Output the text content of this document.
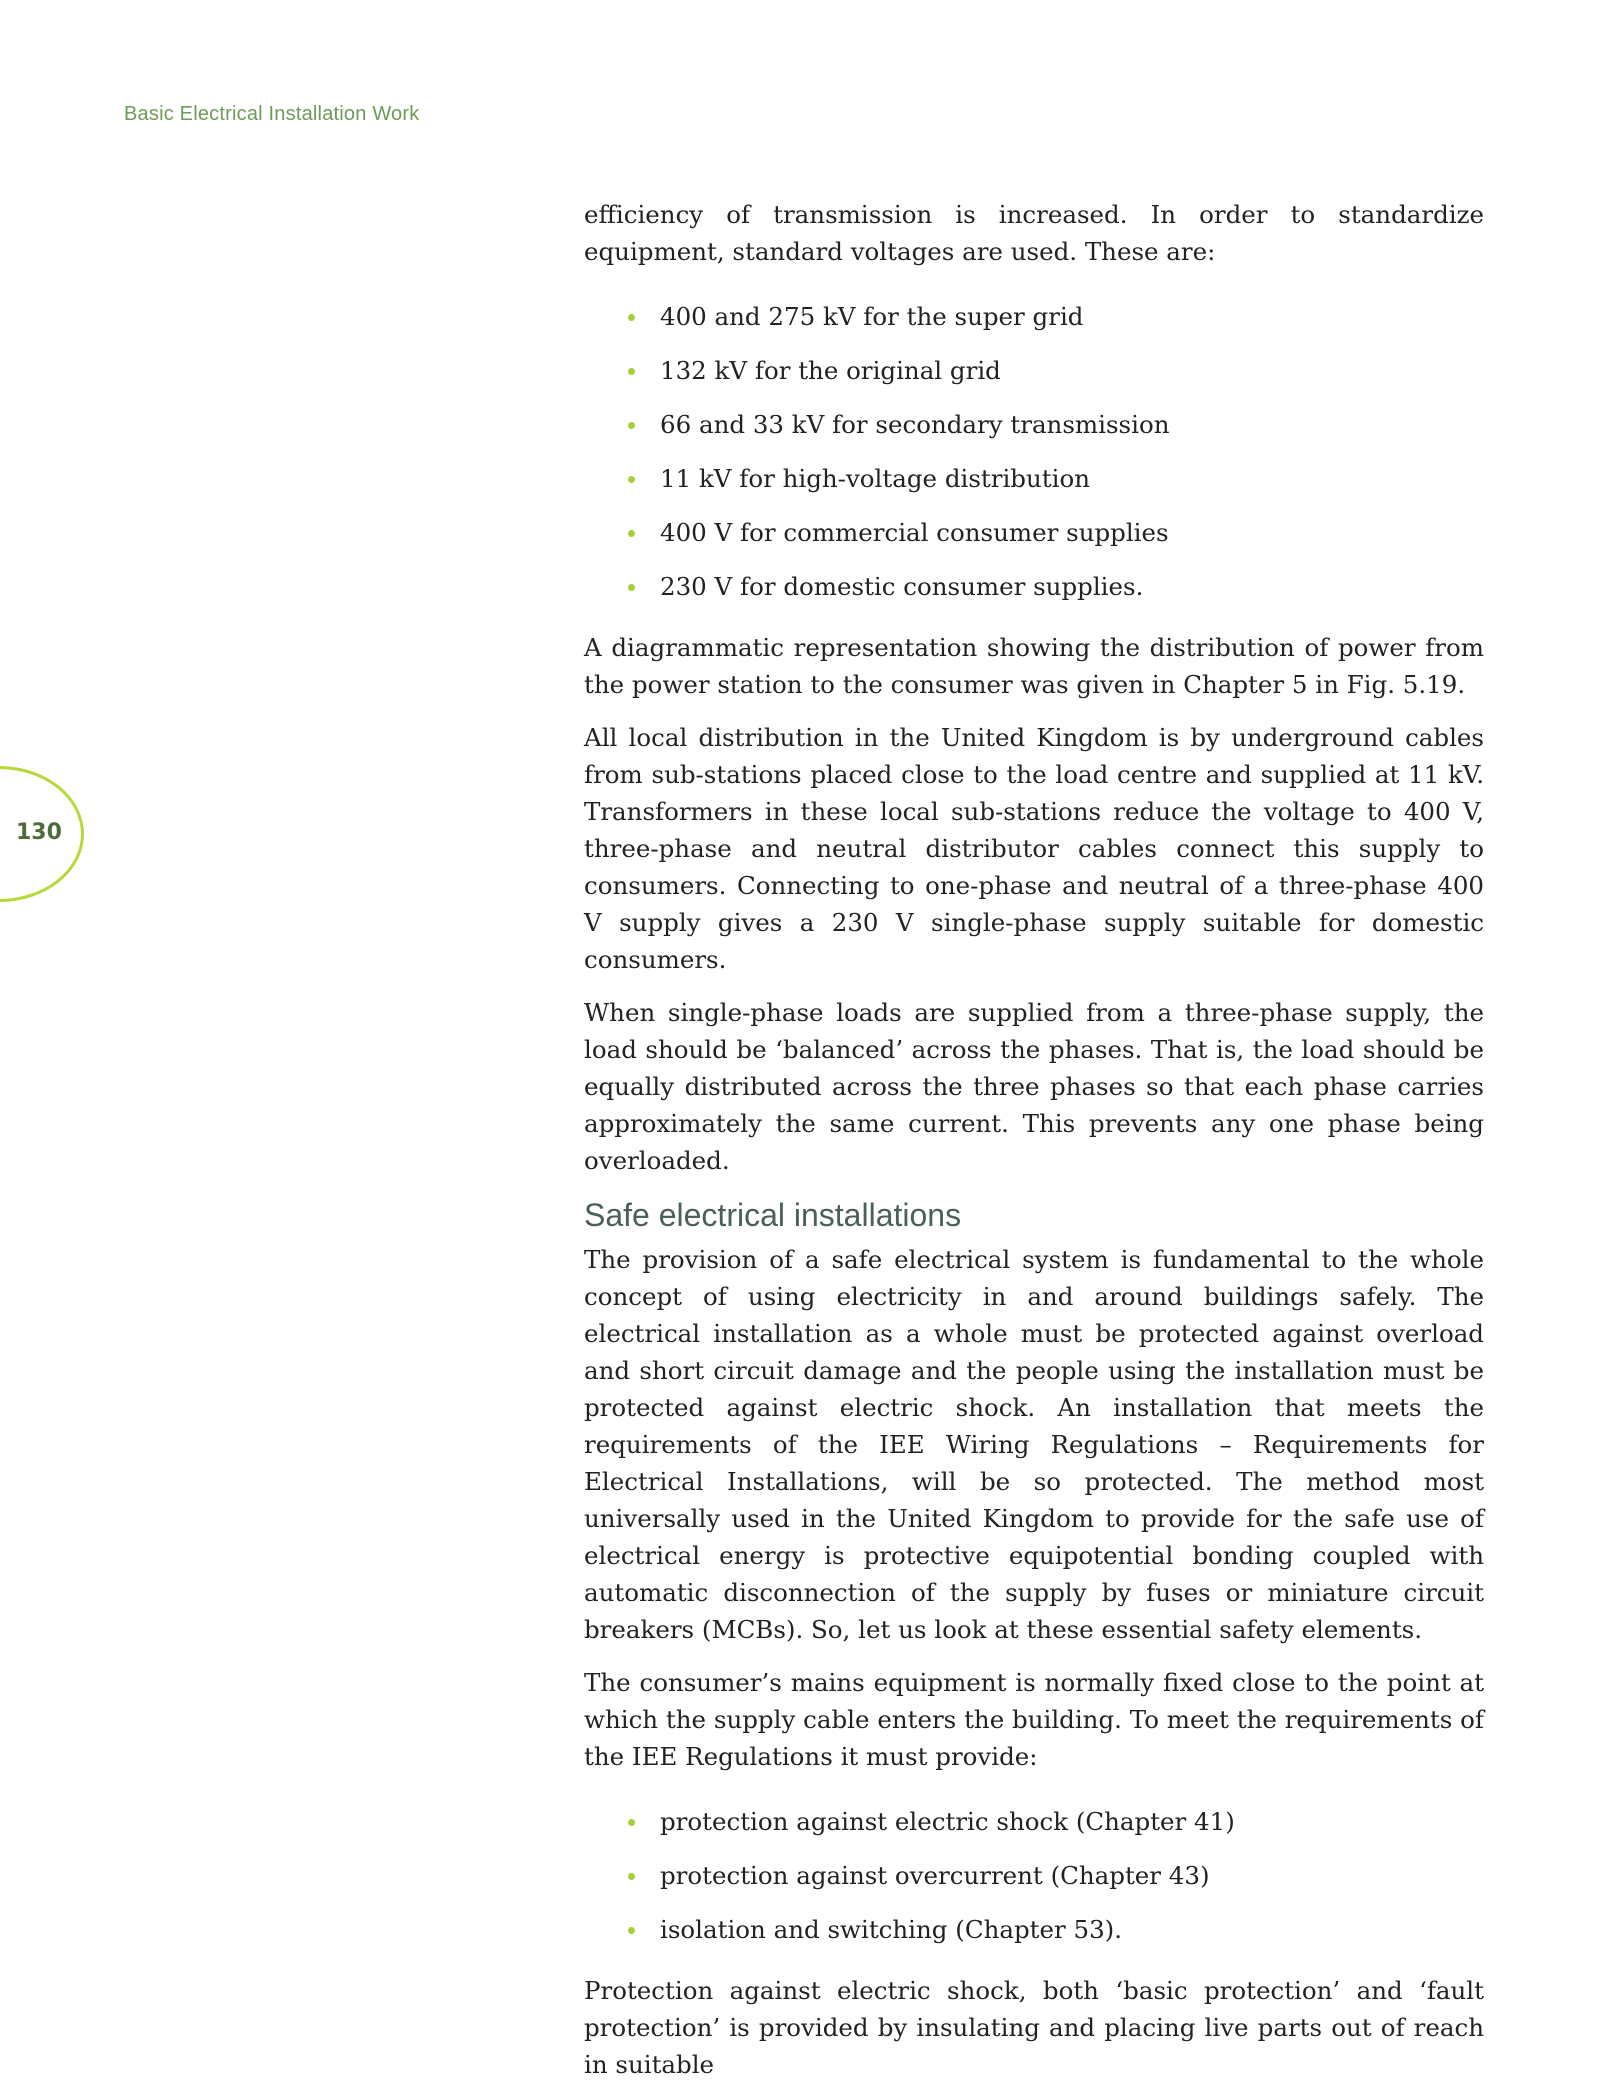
Basic Electrical Installation Work
130

efficiency of transmission is increased. In order to standardize equipment, standard voltages are used. These are:

400 and 275 kV for the super grid
132 kV for the original grid
66 and 33 kV for secondary transmission
11 kV for high-voltage distribution
400 V for commercial consumer supplies
230 V for domestic consumer supplies.

A diagrammatic representation showing the distribution of power from the power station to the consumer was given in Chapter 5 in Fig. 5.19.

All local distribution in the United Kingdom is by underground cables from sub-stations placed close to the load centre and supplied at 11 kV. Transformers in these local sub-stations reduce the voltage to 400 V, three-phase and neutral distributor cables connect this supply to consumers. Connecting to one-phase and neutral of a three-phase 400 V supply gives a 230 V single-phase supply suitable for domestic consumers.

When single-phase loads are supplied from a three-phase supply, the load should be ‘balanced’ across the phases. That is, the load should be equally distributed across the three phases so that each phase carries approximately the same current. This prevents any one phase being overloaded.

Safe electrical installations

The provision of a safe electrical system is fundamental to the whole concept of using electricity in and around buildings safely. The electrical installation as a whole must be protected against overload and short circuit damage and the people using the installation must be protected against electric shock. An installation that meets the requirements of the IEE Wiring Regulations – Requirements for Electrical Installations, will be so protected. The method most universally used in the United Kingdom to provide for the safe use of electrical energy is protective equipotential bonding coupled with automatic disconnection of the supply by fuses or miniature circuit breakers (MCBs). So, let us look at these essential safety elements.

The consumer’s mains equipment is normally fixed close to the point at which the supply cable enters the building. To meet the requirements of the IEE Regulations it must provide:

protection against electric shock (Chapter 41)
protection against overcurrent (Chapter 43)
isolation and switching (Chapter 53).

Protection against electric shock, both ‘basic protection’ and ‘fault protection’ is provided by insulating and placing live parts out of reach in suitable
